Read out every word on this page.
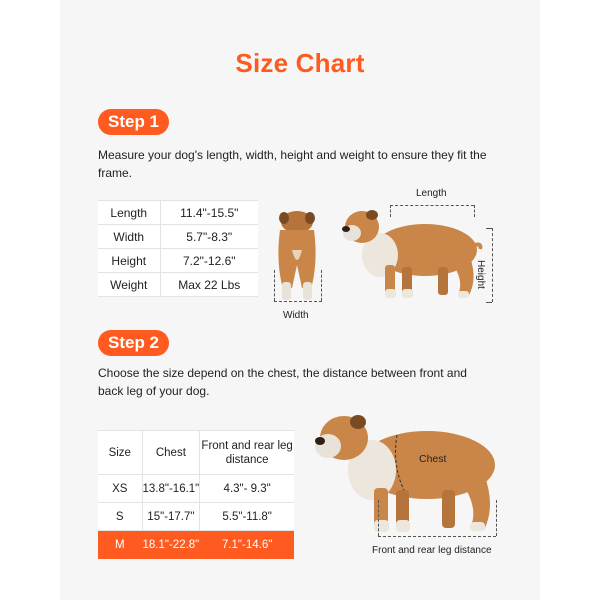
Size Chart
Step 1
Measure your dog's length, width, height and weight to ensure they fit the frame.
Length	11.4"-15.5"
Width	5.7"-8.3"
Height	7.2"-12.6"
Weight	Max 22 Lbs
Width
Length
Height
Step 2
Choose the size depend on the chest, the distance between front and back leg of your dog.
Size	Chest	Front and rear leg distance
XS	13.8"-16.1"	4.3"- 9.3"
S	15"-17.7"	5.5"-11.8"
M	18.1"-22.8"	7.1"-14.6"
Chest
Front and rear leg distance
